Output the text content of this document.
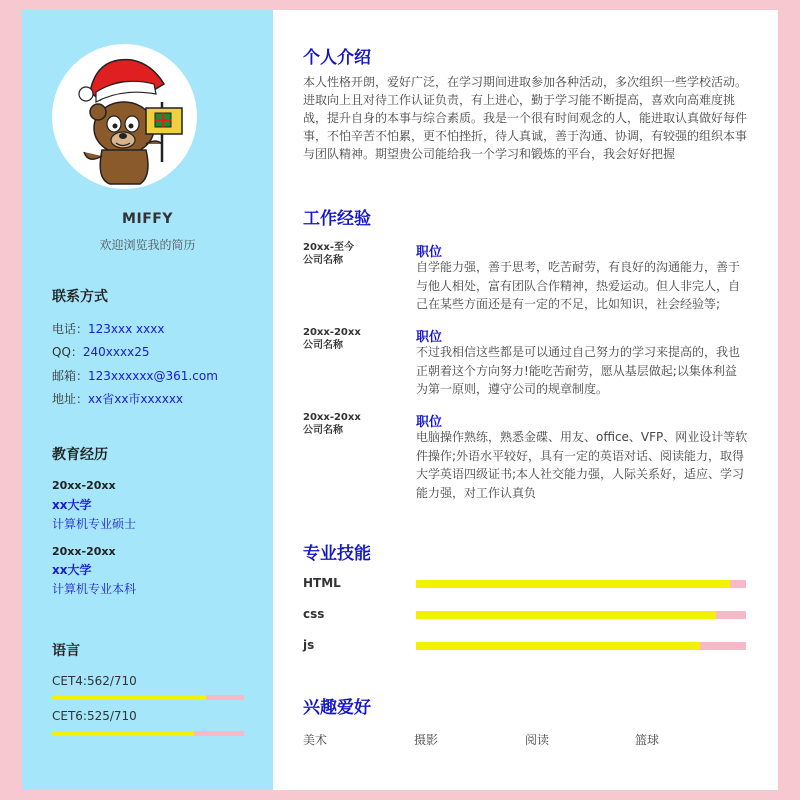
MIFFY
欢迎浏览我的简历
联系方式
电话：123xxx xxxx
QQ：240xxxx25
邮箱：123xxxxxx@361.com
地址：xx省xx市xxxxxx
教育经历
20xx-20xx
xx大学
计算机专业硕士
20xx-20xx
xx大学
计算机专业本科
语言
CET4:562/710
CET6:525/710
个人介绍
本人性格开朗，爱好广泛，在学习期间进取参加各种活动，多次组织一些学校活动。进取向上且对待工作认证负责，有上进心，勤于学习能不断提高，喜欢向高难度挑战，提升自身的本事与综合素质。我是一个很有时间观念的人，能进取认真做好每件事，不怕辛苦不怕累，更不怕挫折，待人真诚，善于沟通、协调，有较强的组织本事与团队精神。期望贵公司能给我一个学习和锻炼的平台，我会好好把握
工作经验
20xx-至今
公司名称
职位
自学能力强，善于思考，吃苦耐劳，有良好的沟通能力，善于与他人相处，富有团队合作精神，热爱运动。但人非完人，自己在某些方面还是有一定的不足，比如知识，社会经验等;
20xx-20xx
公司名称
职位
不过我相信这些都是可以通过自己努力的学习来提高的，我也正朝着这个方向努力!能吃苦耐劳，愿从基层做起;以集体利益为第一原则，遵守公司的规章制度。
20xx-20xx
公司名称
职位
电脑操作熟练，熟悉金碟、用友、office、VFP、网业设计等软件操作;外语水平较好，具有一定的英语对话、阅读能力，取得大学英语四级证书;本人社交能力强，人际关系好，适应、学习能力强，对工作认真负
专业技能
HTML
css
js
兴趣爱好
美术	摄影	阅读	篮球
